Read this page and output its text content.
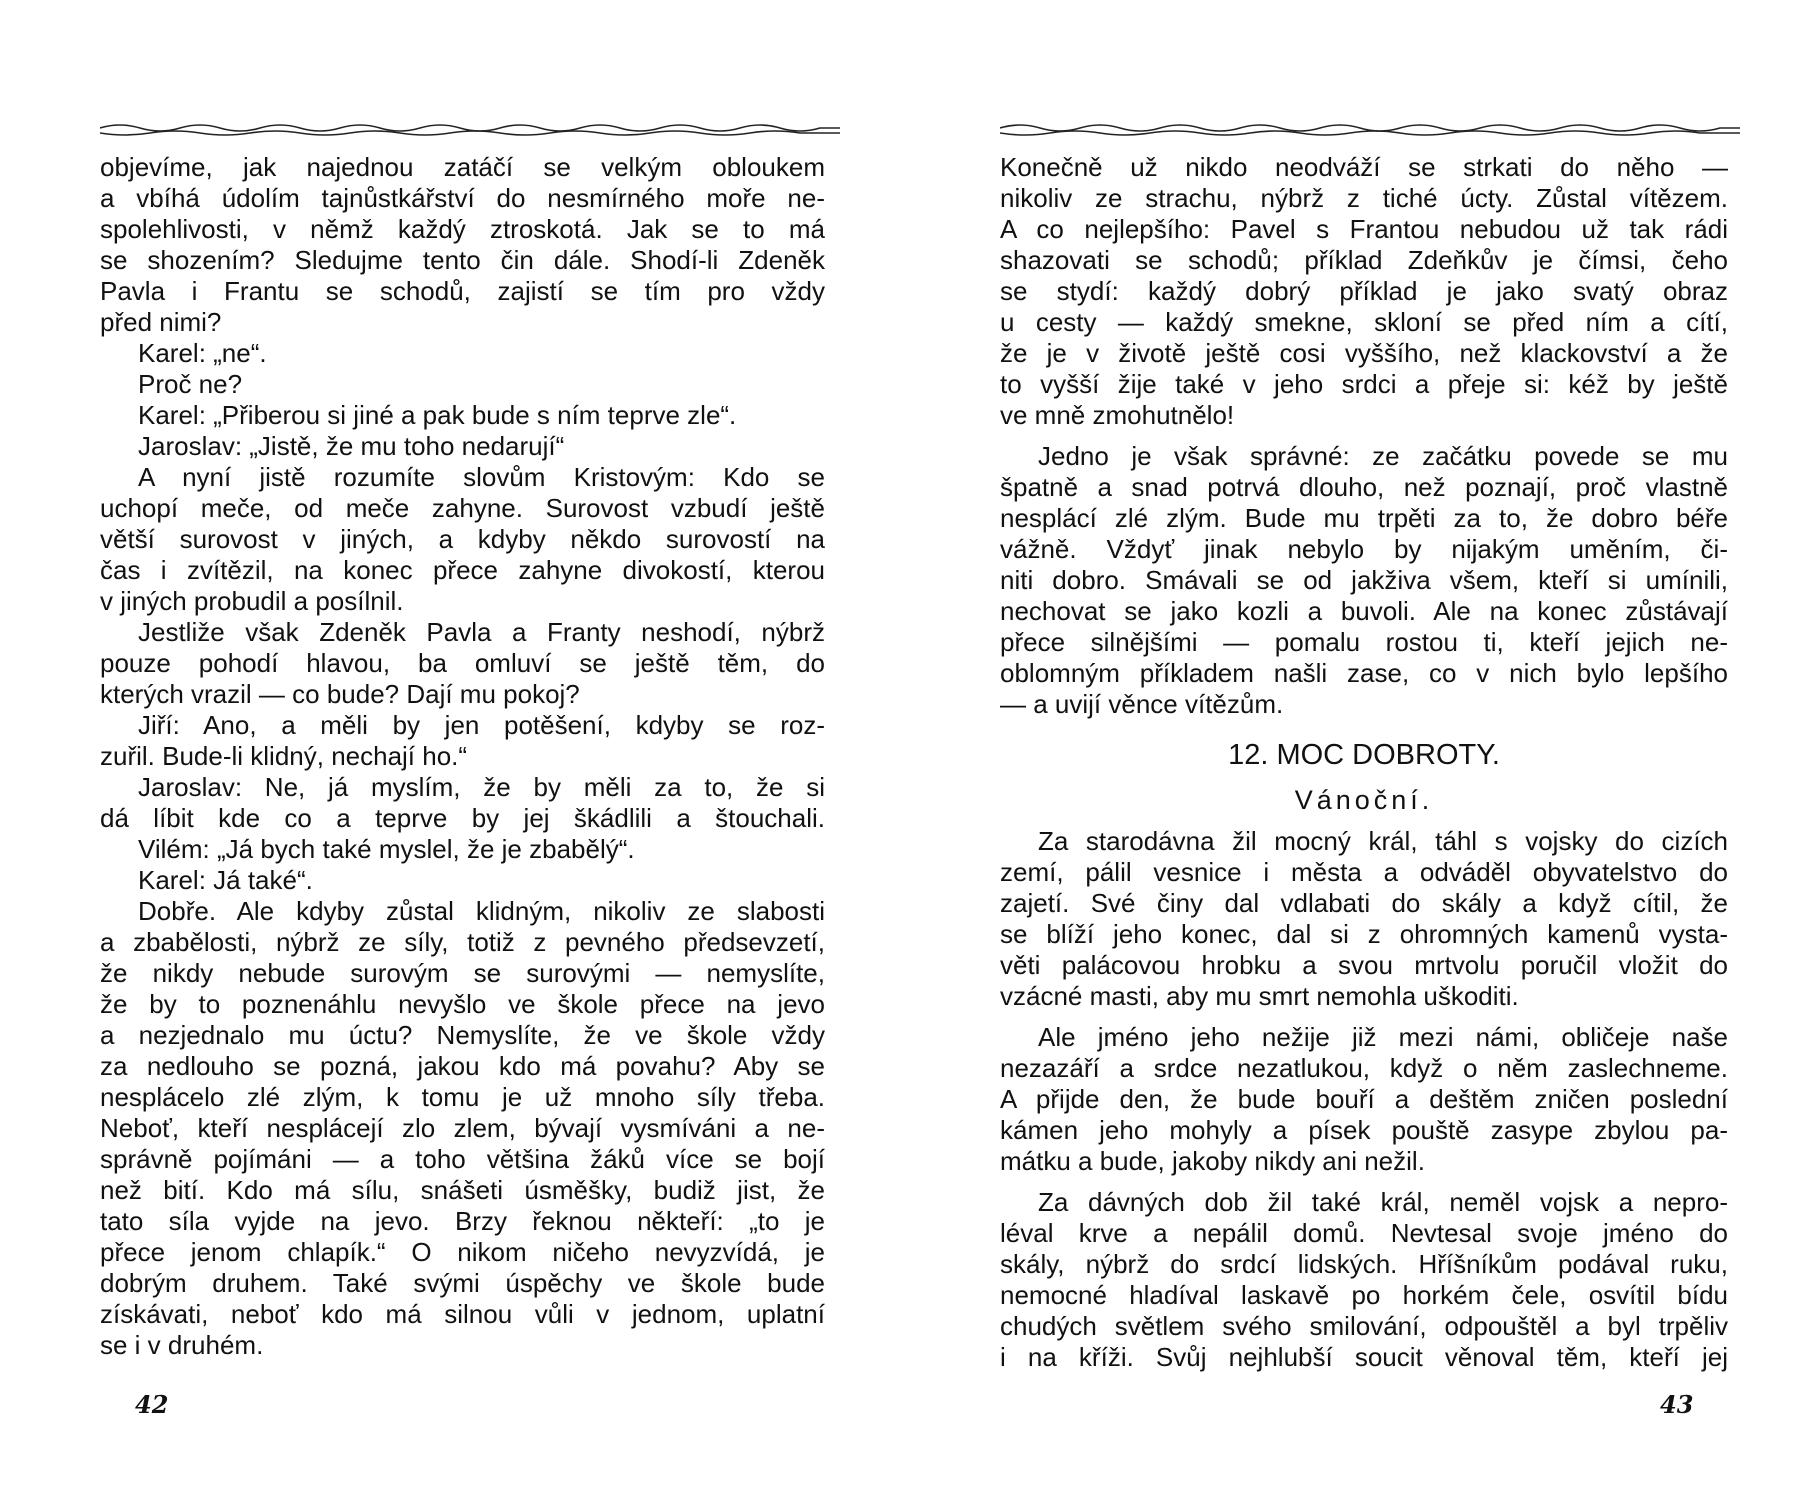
objevíme, jak najednou zatáčí se velkým obloukem
a vbíhá údolím tajnůstkářství do nesmírného moře ne-
spolehlivosti, v němž každý ztroskotá. Jak se to má
se shozením? Sledujme tento čin dále. Shodí-li Zdeněk
Pavla i Frantu se schodů, zajistí se tím pro vždy
před nimi?
Karel: „ne“.
Proč ne?
Karel: „Přiberou si jiné a pak bude s ním teprve zle“.
Jaroslav: „Jistě, že mu toho nedarují“
A nyní jistě rozumíte slovům Kristovým: Kdo se
uchopí meče, od meče zahyne. Surovost vzbudí ještě
větší surovost v jiných, a kdyby někdo surovostí na
čas i zvítězil, na konec přece zahyne divokostí, kterou
v jiných probudil a posílnil.
Jestliže však Zdeněk Pavla a Franty neshodí, nýbrž
pouze pohodí hlavou, ba omluví se ještě těm, do
kterých vrazil — co bude? Dají mu pokoj?
Jiří: Ano, a měli by jen potěšení, kdyby se roz-
zuřil. Bude-li klidný, nechají ho.“
Jaroslav: Ne, já myslím, že by měli za to, že si
dá líbit kde co a teprve by jej škádlili a štouchali.
Vilém: „Já bych také myslel, že je zbabělý“.
Karel: Já také“.
Dobře. Ale kdyby zůstal klidným, nikoliv ze slabosti
a zbabělosti, nýbrž ze síly, totiž z pevného předsevzetí,
že nikdy nebude surovým se surovými — nemyslíte,
že by to poznenáhlu nevyšlo ve škole přece na jevo
a nezjednalo mu úctu? Nemyslíte, že ve škole vždy
za nedlouho se pozná, jakou kdo má povahu? Aby se
nesplácelo zlé zlým, k tomu je už mnoho síly třeba.
Neboť, kteří nesplácejí zlo zlem, bývají vysmíváni a ne-
správně pojímáni — a toho většina žáků více se bojí
než bití. Kdo má sílu, snášeti úsměšky, budiž jist, že
tato síla vyjde na jevo. Brzy řeknou někteří: „to je
přece jenom chlapík.“ O nikom ničeho nevyzvídá, je
dobrým druhem. Také svými úspěchy ve škole bude
získávati, neboť kdo má silnou vůli v jednom, uplatní
se i v druhém.
42
Konečně už nikdo neodváží se strkati do něho —
nikoliv ze strachu, nýbrž z tiché úcty. Zůstal vítězem.
A co nejlepšího: Pavel s Frantou nebudou už tak rádi
shazovati se schodů; příklad Zdeňkův je čímsi, čeho
se stydí: každý dobrý příklad je jako svatý obraz
u cesty — každý smekne, skloní se před ním a cítí,
že je v životě ještě cosi vyššího, než klackovství a že
to vyšší žije také v jeho srdci a přeje si: kéž by ještě
ve mně zmohutnělo!
Jedno je však správné: ze začátku povede se mu
špatně a snad potrvá dlouho, než poznají, proč vlastně
nesplácí zlé zlým. Bude mu trpěti za to, že dobro béře
vážně. Vždyť jinak nebylo by nijakým uměním, či-
niti dobro. Smávali se od jakživa všem, kteří si umínili,
nechovat se jako kozli a buvoli. Ale na konec zůstávají
přece silnějšími — pomalu rostou ti, kteří jejich ne-
oblomným příkladem našli zase, co v nich bylo lepšího
— a uvijí věnce vítězům.
12. MOC DOBROTY.
Vánoční.
Za starodávna žil mocný král, táhl s vojsky do cizích
zemí, pálil vesnice i města a odváděl obyvatelstvo do
zajetí. Své činy dal vdlabati do skály a když cítil, že
se blíží jeho konec, dal si z ohromných kamenů vysta-
věti palácovou hrobku a svou mrtvolu poručil vložit do
vzácné masti, aby mu smrt nemohla uškoditi.
Ale jméno jeho nežije již mezi námi, obličeje naše
nezazáří a srdce nezatlukou, když o něm zaslechneme.
A přijde den, že bude bouří a deštěm zničen poslední
kámen jeho mohyly a písek pouště zasype zbylou pa-
mátku a bude, jakoby nikdy ani nežil.
Za dávných dob žil také král, neměl vojsk a nepro-
léval krve a nepálil domů. Nevtesal svoje jméno do
skály, nýbrž do srdcí lidských. Hříšníkům podával ruku,
nemocné hladíval laskavě po horkém čele, osvítil bídu
chudých světlem svého smilování, odpouštěl a byl trpěliv
i na kříži. Svůj nejhlubší soucit věnoval těm, kteří jej
43
